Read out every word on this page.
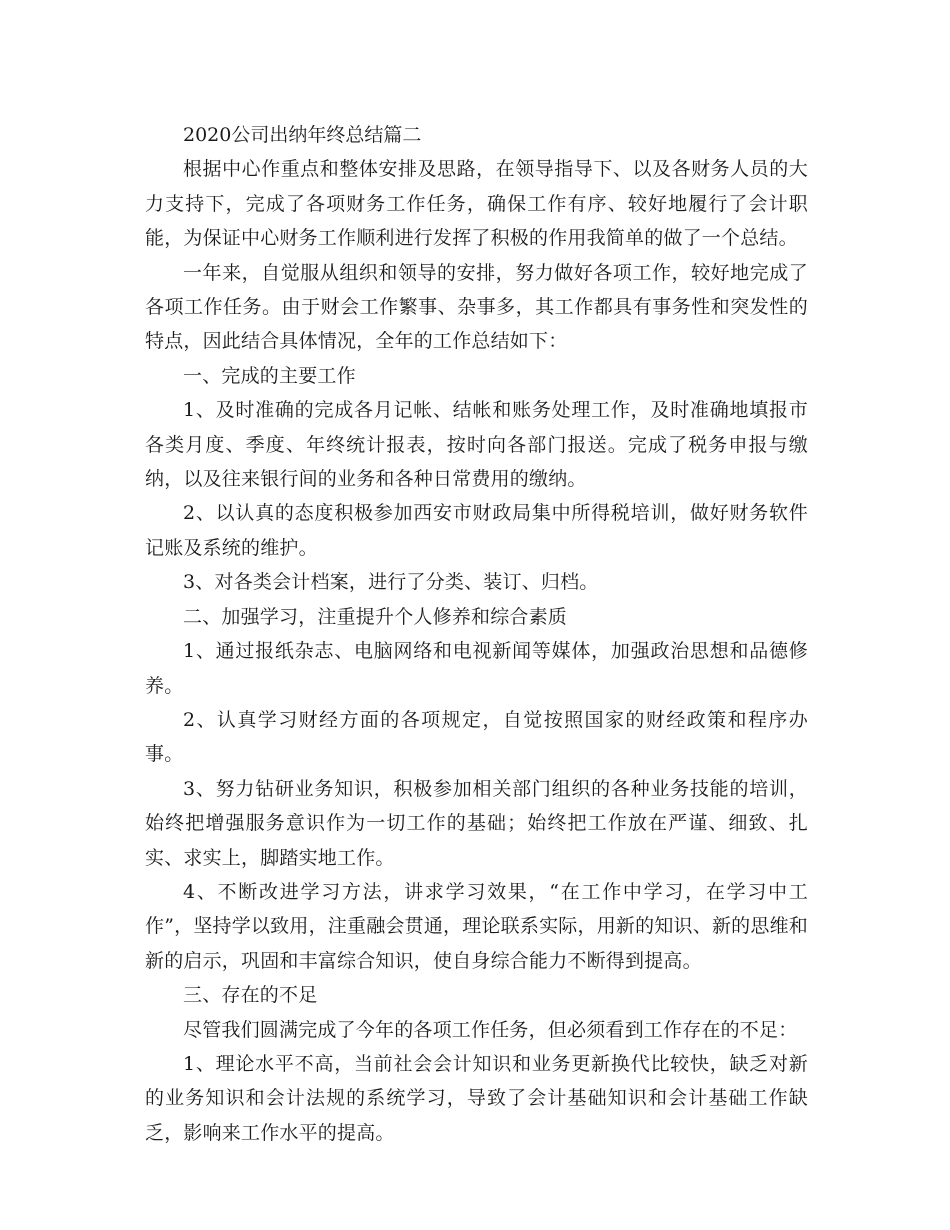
2020公司出纳年终总结篇二

根据中心作重点和整体安排及思路，在领导指导下、以及各财务人员的大力支持下，完成了各项财务工作任务，确保工作有序、较好地履行了会计职能，为保证中心财务工作顺利进行发挥了积极的作用我简单的做了一个总结。

一年来，自觉服从组织和领导的安排，努力做好各项工作，较好地完成了各项工作任务。由于财会工作繁事、杂事多，其工作都具有事务性和突发性的特点，因此结合具体情况，全年的工作总结如下：

一、完成的主要工作

1、及时准确的完成各月记帐、结帐和账务处理工作，及时准确地填报市各类月度、季度、年终统计报表，按时向各部门报送。完成了税务申报与缴纳，以及往来银行间的业务和各种日常费用的缴纳。

2、以认真的态度积极参加西安市财政局集中所得税培训，做好财务软件记账及系统的维护。

3、对各类会计档案，进行了分类、装订、归档。

二、加强学习，注重提升个人修养和综合素质

1、通过报纸杂志、电脑网络和电视新闻等媒体，加强政治思想和品德修养。

2、认真学习财经方面的各项规定，自觉按照国家的财经政策和程序办事。

3、努力钻研业务知识，积极参加相关部门组织的各种业务技能的培训，始终把增强服务意识作为一切工作的基础；始终把工作放在严谨、细致、扎实、求实上，脚踏实地工作。

4、不断改进学习方法，讲求学习效果，“在工作中学习，在学习中工作”，坚持学以致用，注重融会贯通，理论联系实际，用新的知识、新的思维和新的启示，巩固和丰富综合知识，使自身综合能力不断得到提高。

三、存在的不足

尽管我们圆满完成了今年的各项工作任务，但必须看到工作存在的不足：

1、理论水平不高，当前社会会计知识和业务更新换代比较快，缺乏对新的业务知识和会计法规的系统学习，导致了会计基础知识和会计基础工作缺乏，影响来工作水平的提高。
